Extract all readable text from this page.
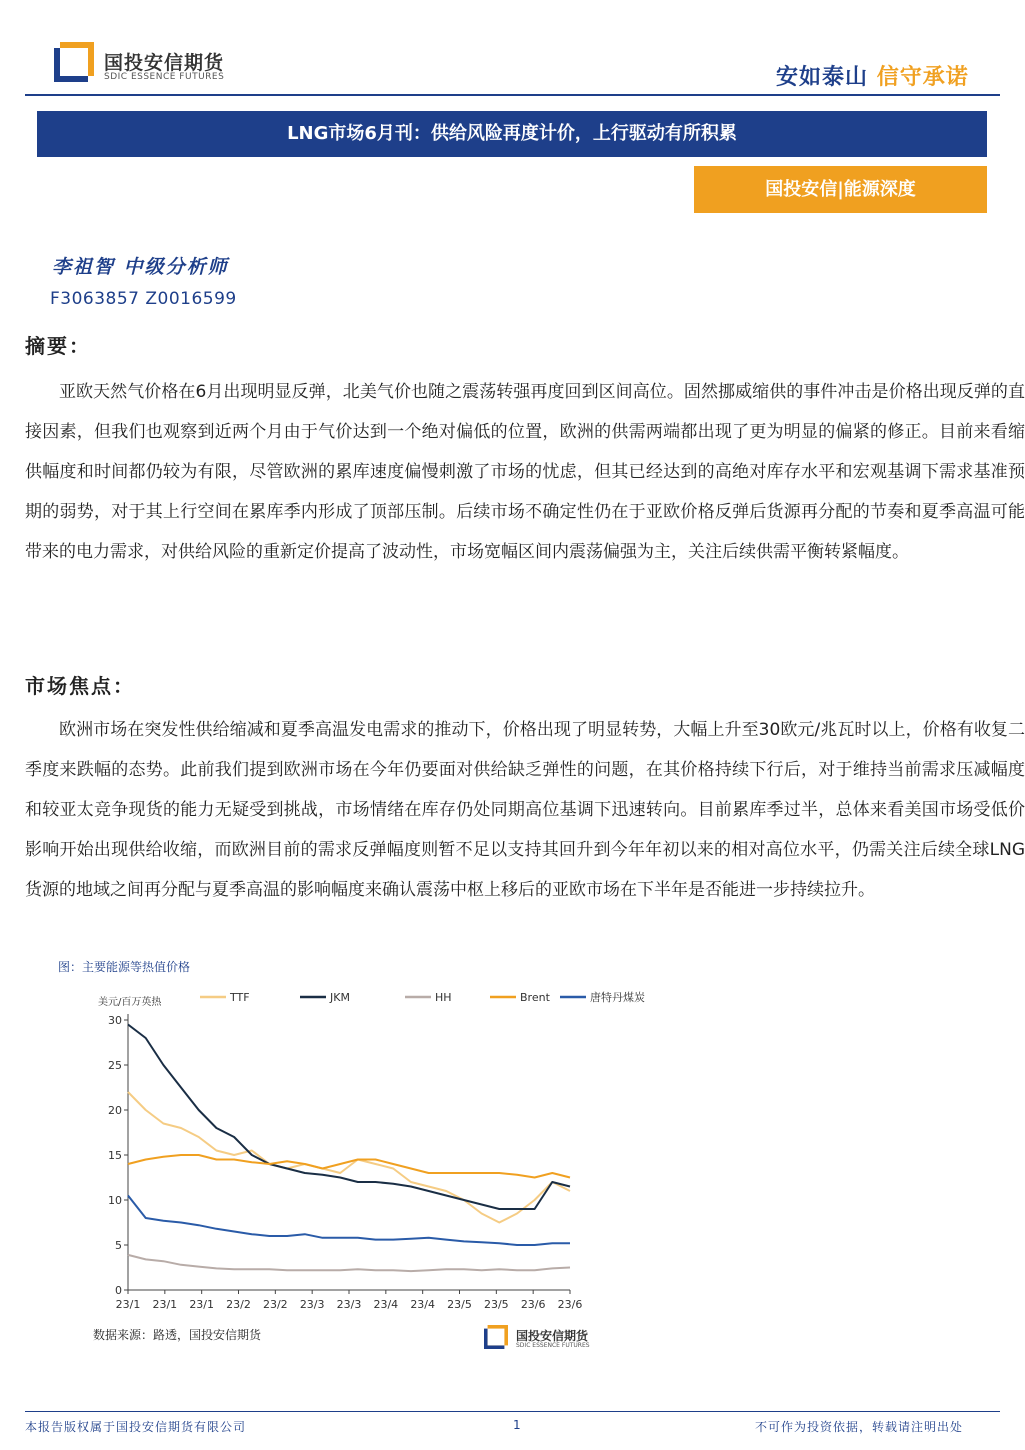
国投安信期货
SDIC ESSENCE FUTURES	安如泰山 信守承诺
LNG市场6月刊：供给风险再度计价，上行驱动有所积累
国投安信|能源深度
李祖智 中级分析师
F3063857 Z0016599
摘要：

亚欧天然气价格在6月出现明显反弹，北美气价也随之震荡转强再度回到区间高位。固然挪威缩供的事件冲击是价格出现反弹的直接因素，但我们也观察到近两个月由于气价达到一个绝对偏低的位置，欧洲的供需两端都出现了更为明显的偏紧的修正。目前来看缩供幅度和时间都仍较为有限，尽管欧洲的累库速度偏慢刺激了市场的忧虑，但其已经达到的高绝对库存水平和宏观基调下需求基准预期的弱势，对于其上行空间在累库季内形成了顶部压制。后续市场不确定性仍在于亚欧价格反弹后货源再分配的节奏和夏季高温可能带来的电力需求，对供给风险的重新定价提高了波动性，市场宽幅区间内震荡偏强为主，关注后续供需平衡转紧幅度。

市场焦点：

欧洲市场在突发性供给缩减和夏季高温发电需求的推动下，价格出现了明显转势，大幅上升至30欧元/兆瓦时以上，价格有收复二季度来跌幅的态势。此前我们提到欧洲市场在今年仍要面对供给缺乏弹性的问题，在其价格持续下行后，对于维持当前需求压减幅度和较亚太竞争现货的能力无疑受到挑战，市场情绪在库存仍处同期高位基调下迅速转向。目前累库季过半，总体来看美国市场受低价影响开始出现供给收缩，而欧洲目前的需求反弹幅度则暂不足以支持其回升到今年年初以来的相对高位水平，仍需关注后续全球LNG货源的地域之间再分配与夏季高温的影响幅度来确认震荡中枢上移后的亚欧市场在下半年是否能进一步持续拉升。

图：主要能源等热值价格
0
5
10
15
20
25
30
美元/百万英热
23/1 23/1 23/1 23/2 23/2 23/3 23/3 23/4 23/4 23/5 23/5 23/6 23/6
TTF	JKM	HH	Brent	唐特丹煤炭
数据来源：路透，国投安信期货	国投安信期货
SDIC ESSENCE FUTURES
本报告版权属于国投安信期货有限公司	1	不可作为投资依据，转载请注明出处
